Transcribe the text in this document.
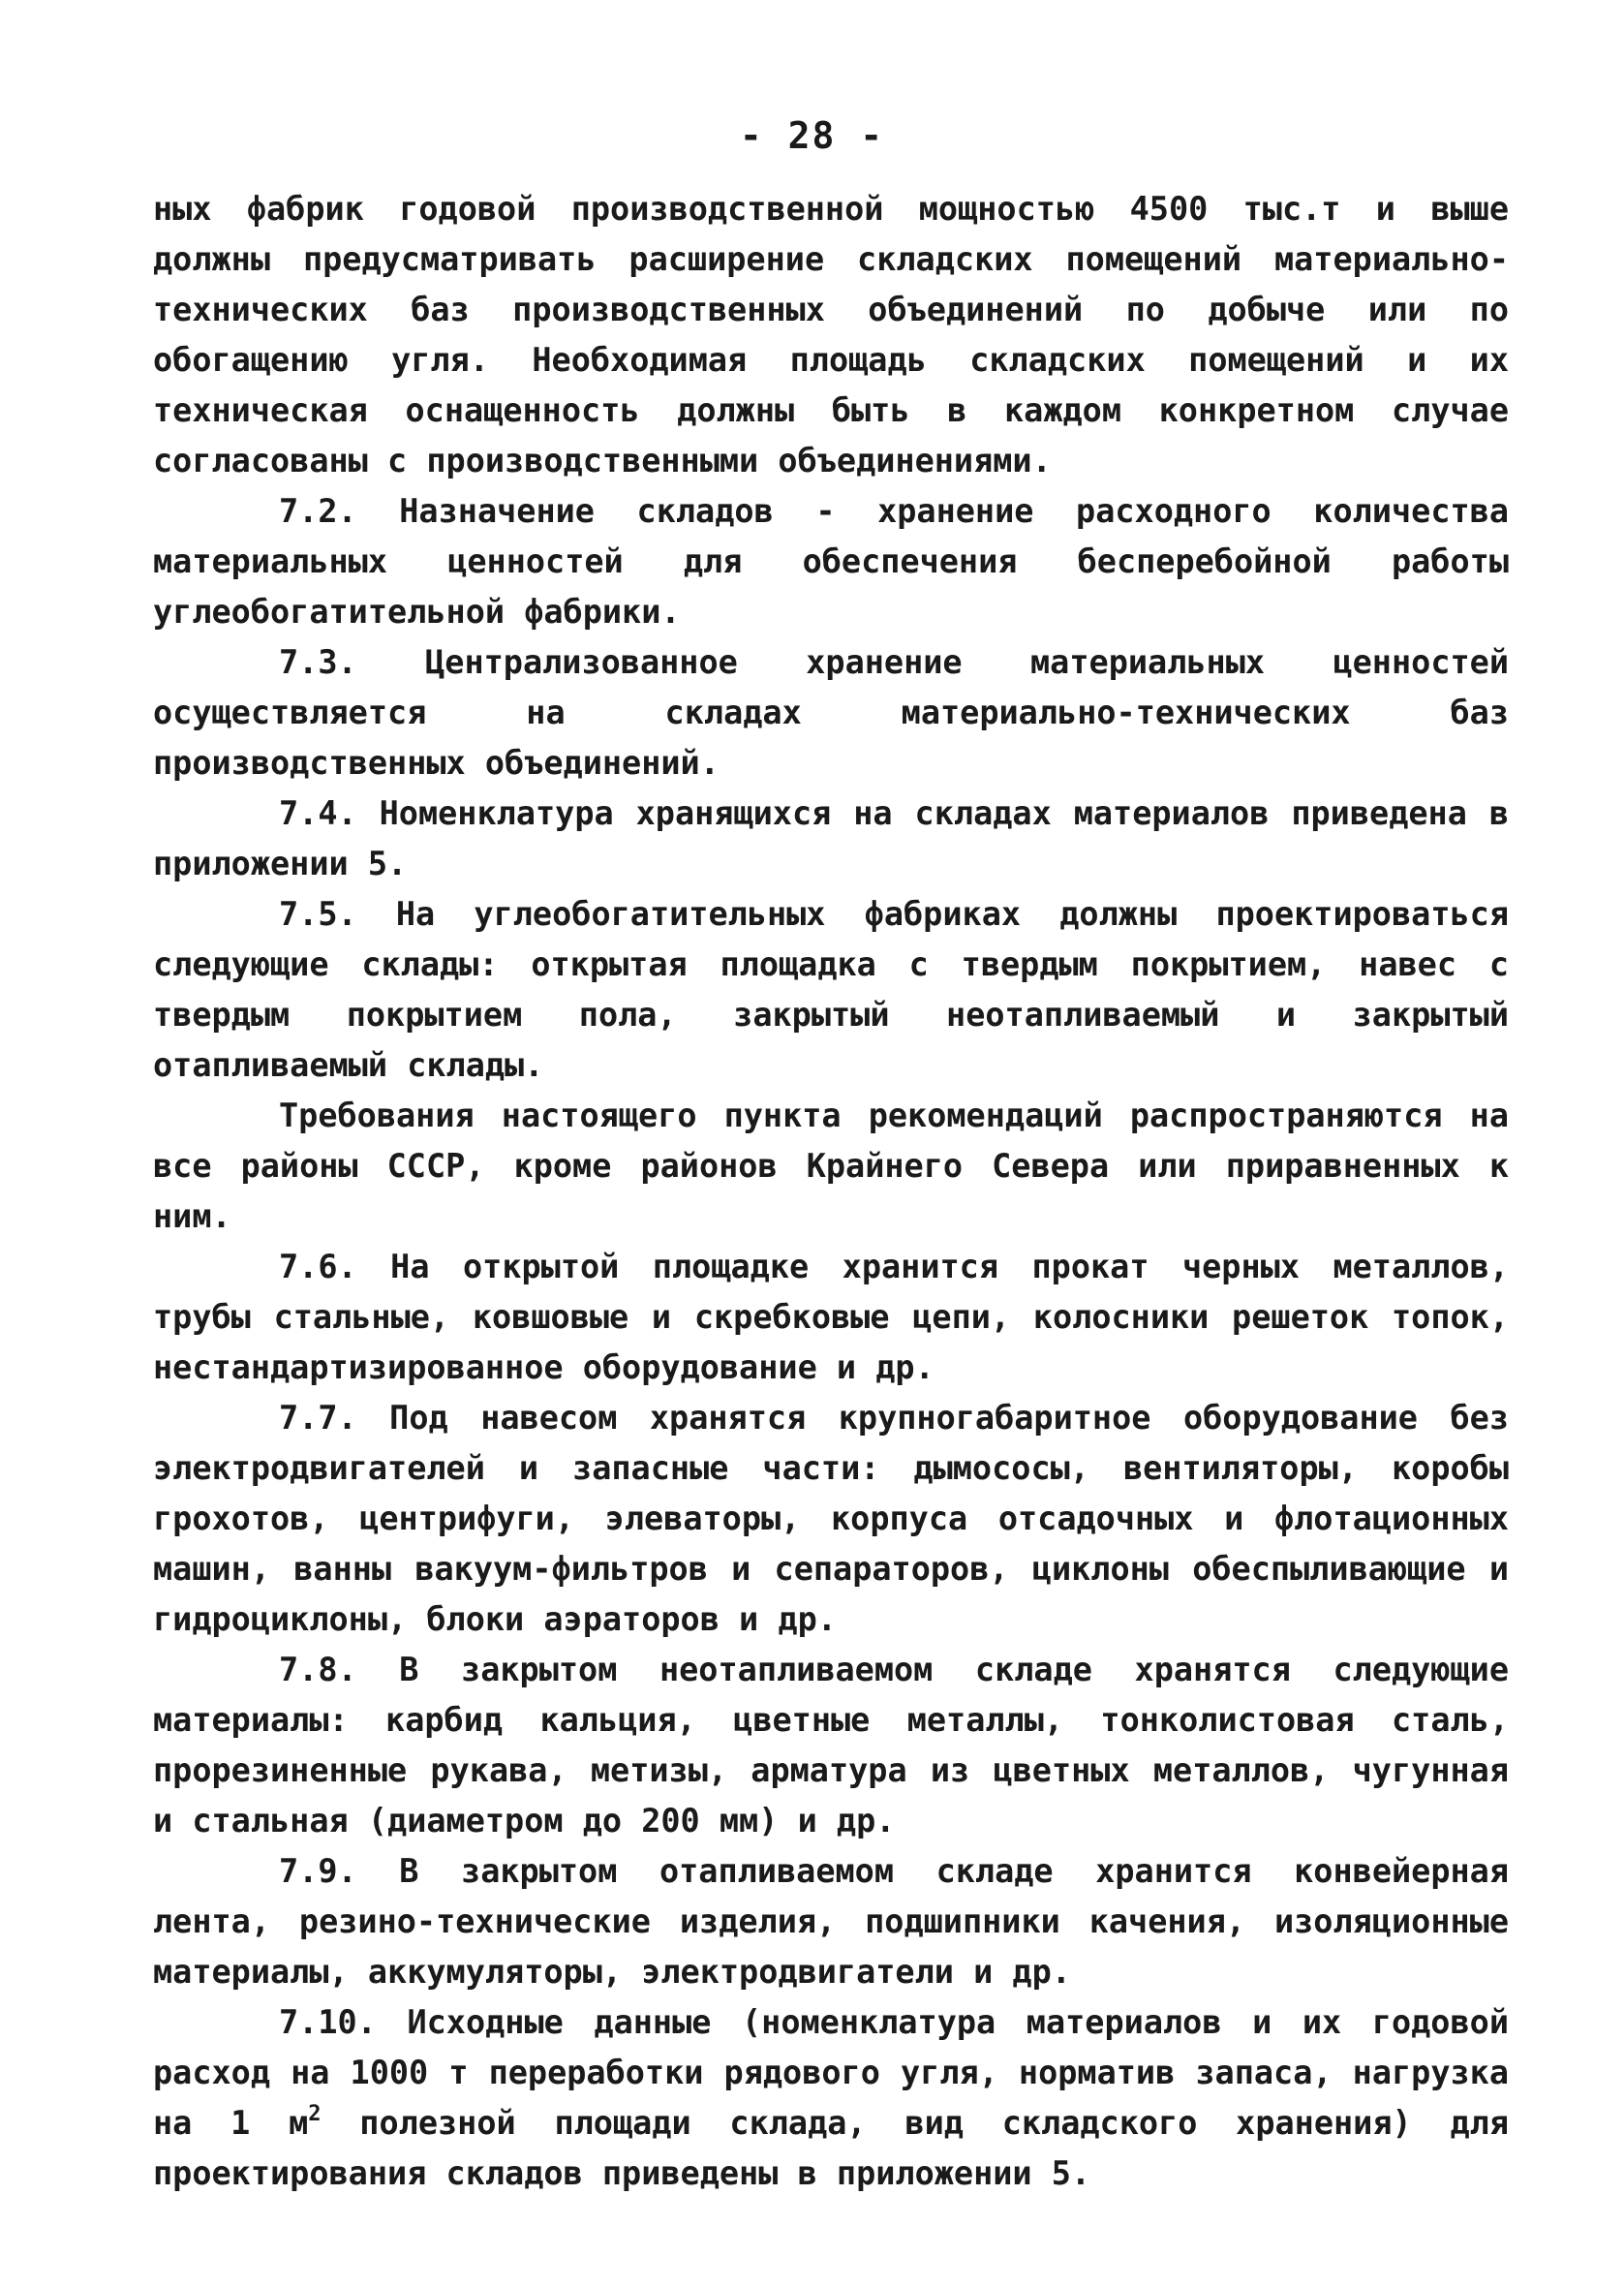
- 28 -

ных фабрик годовой производственной мощностью 4500 тыс.т и выше должны предусматривать расширение складских помещений материально-технических баз производственных объединений по добыче или по обогащению угля. Необходимая площадь складских помещений и их техническая оснащенность должны быть в каждом конкретном случае согласованы с производственными объединениями.

7.2. Назначение складов - хранение расходного количества материальных ценностей для обеспечения бесперебойной работы углеобогатительной фабрики.

7.3. Централизованное хранение материальных ценностей осуществляется на складах материально-технических баз производственных объединений.

7.4. Номенклатура хранящихся на складах материалов приведена в приложении 5.

7.5. На углеобогатительных фабриках должны проектироваться следующие склады: открытая площадка с твердым покрытием, навес с твердым покрытием пола, закрытый неотапливаемый и закрытый отапливаемый склады.

Требования настоящего пункта рекомендаций распространяются на все районы СССР, кроме районов Крайнего Севера или приравненных к ним.

7.6. На открытой площадке хранится прокат черных металлов, трубы стальные, ковшовые и скребковые цепи, колосники решеток топок, нестандартизированное оборудование и др.

7.7. Под навесом хранятся крупногабаритное оборудование без электродвигателей и запасные части: дымососы, вентиляторы, коробы грохотов, центрифуги, элеваторы, корпуса отсадочных и флотационных машин, ванны вакуум-фильтров и сепараторов, циклоны обеспыливающие и гидроциклоны, блоки аэраторов и др.

7.8. В закрытом неотапливаемом складе хранятся следующие материалы: карбид кальция, цветные металлы, тонколистовая сталь, прорезиненные рукава, метизы, арматура из цветных металлов, чугунная и стальная (диаметром до 200 мм) и др.

7.9. В закрытом отапливаемом складе хранится конвейерная лента, резино-технические изделия, подшипники качения, изоляционные материалы, аккумуляторы, электродвигатели и др.

7.10. Исходные данные (номенклатура материалов и их годовой расход на 1000 т переработки рядового угля, норматив запаса, нагрузка на 1 $м^2$ полезной площади склада, вид складского хранения) для проектирования складов приведены в приложении 5.
